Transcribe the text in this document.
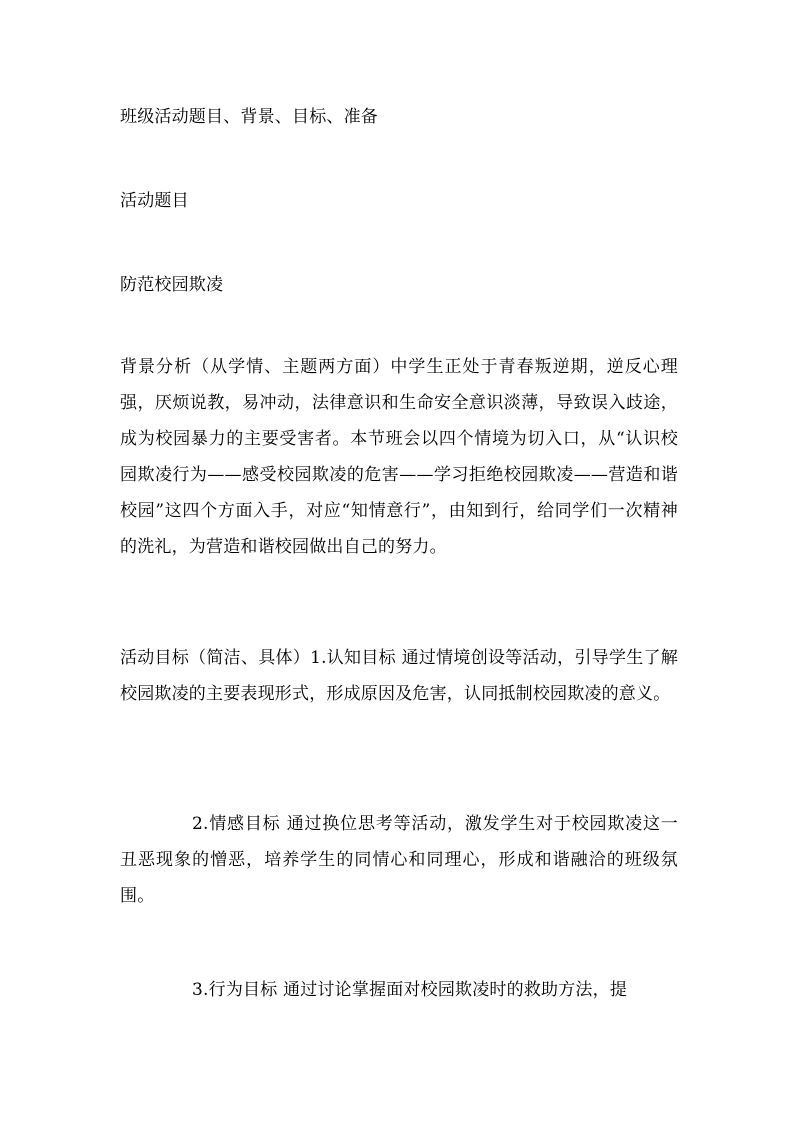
班级活动题目、背景、目标、准备

活动题目

防范校园欺凌

背景分析（从学情、主题两方面）中学生正处于青春叛逆期，逆反心理强，厌烦说教，易冲动，法律意识和生命安全意识淡薄，导致误入歧途，成为校园暴力的主要受害者。本节班会以四个情境为切入口，从“认识校园欺凌行为——感受校园欺凌的危害——学习拒绝校园欺凌——营造和谐校园”这四个方面入手，对应“知情意行”，由知到行，给同学们一次精神的洗礼，为营造和谐校园做出自己的努力。

活动目标（简洁、具体）1.认知目标 通过情境创设等活动，引导学生了解校园欺凌的主要表现形式，形成原因及危害，认同抵制校园欺凌的意义。

2.情感目标 通过换位思考等活动，激发学生对于校园欺凌这一丑恶现象的憎恶，培养学生的同情心和同理心，形成和谐融洽的班级氛围。

3.行为目标 通过讨论掌握面对校园欺凌时的救助方法，提
